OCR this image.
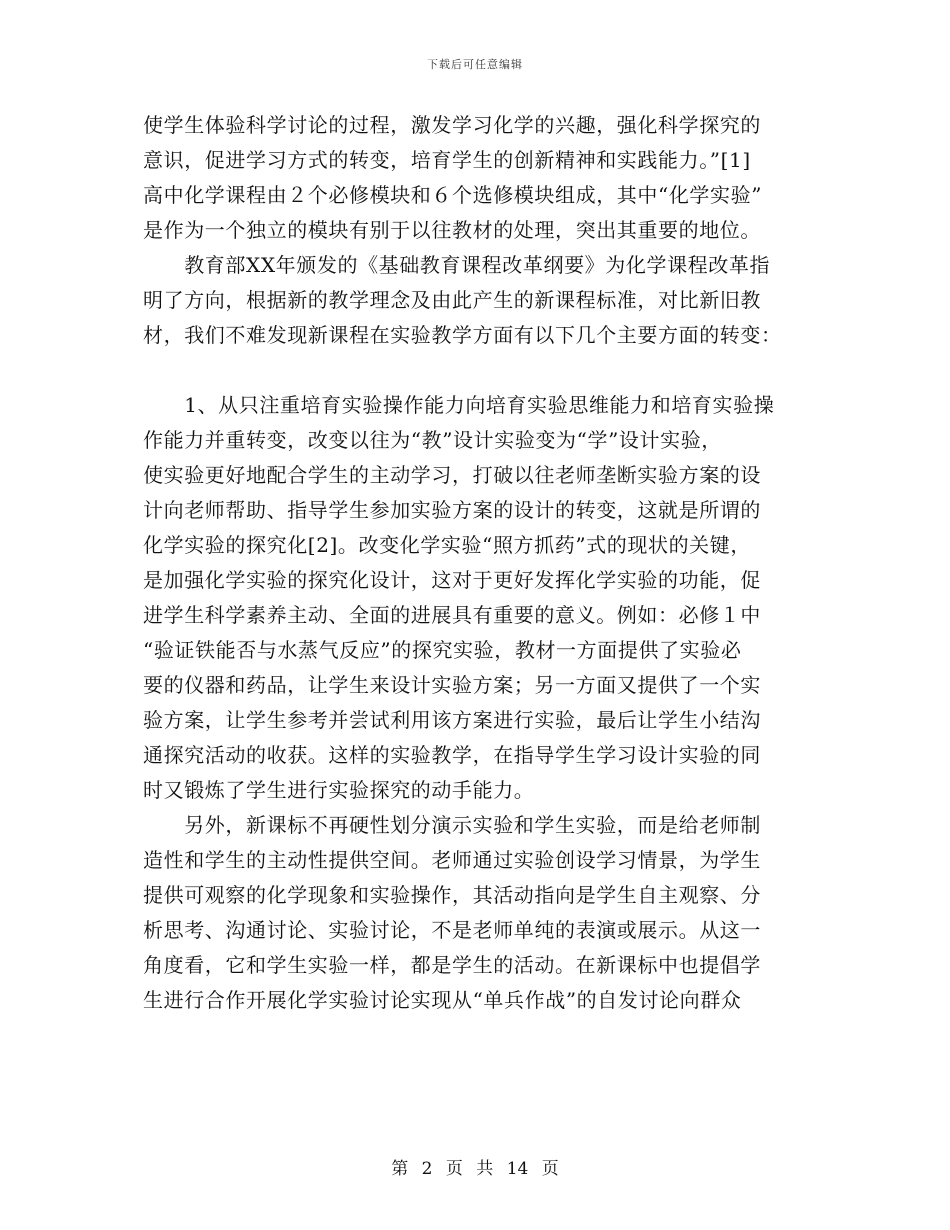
下载后可任意编辑
使学生体验科学讨论的过程，激发学习化学的兴趣，强化科学探究的
意识，促进学习方式的转变，培育学生的创新精神和实践能力。”[1]
高中化学课程由２个必修模块和６个选修模块组成，其中“化学实验”
是作为一个独立的模块有别于以往教材的处理，突出其重要的地位。
　　教育部XX年颁发的《基础教育课程改革纲要》为化学课程改革指
明了方向，根据新的教学理念及由此产生的新课程标准，对比新旧教
材，我们不难发现新课程在实验教学方面有以下几个主要方面的转变：
　　1、从只注重培育实验操作能力向培育实验思维能力和培育实验操
作能力并重转变，改变以往为“教”设计实验变为“学”设计实验，
使实验更好地配合学生的主动学习，打破以往老师垄断实验方案的设
计向老师帮助、指导学生参加实验方案的设计的转变，这就是所谓的
化学实验的探究化[2]。改变化学实验“照方抓药”式的现状的关键，
是加强化学实验的探究化设计，这对于更好发挥化学实验的功能，促
进学生科学素养主动、全面的进展具有重要的意义。例如：必修１中
“验证铁能否与水蒸气反应”的探究实验，教材一方面提供了实验必
要的仪器和药品，让学生来设计实验方案；另一方面又提供了一个实
验方案，让学生参考并尝试利用该方案进行实验，最后让学生小结沟
通探究活动的收获。这样的实验教学，在指导学生学习设计实验的同
时又锻炼了学生进行实验探究的动手能力。
　　另外，新课标不再硬性划分演示实验和学生实验，而是给老师制
造性和学生的主动性提供空间。老师通过实验创设学习情景，为学生
提供可观察的化学现象和实验操作，其活动指向是学生自主观察、分
析思考、沟通讨论、实验讨论，不是老师单纯的表演或展示。从这一
角度看，它和学生实验一样，都是学生的活动。在新课标中也提倡学
生进行合作开展化学实验讨论实现从“单兵作战”的自发讨论向群众
第 2 页 共 14 页
